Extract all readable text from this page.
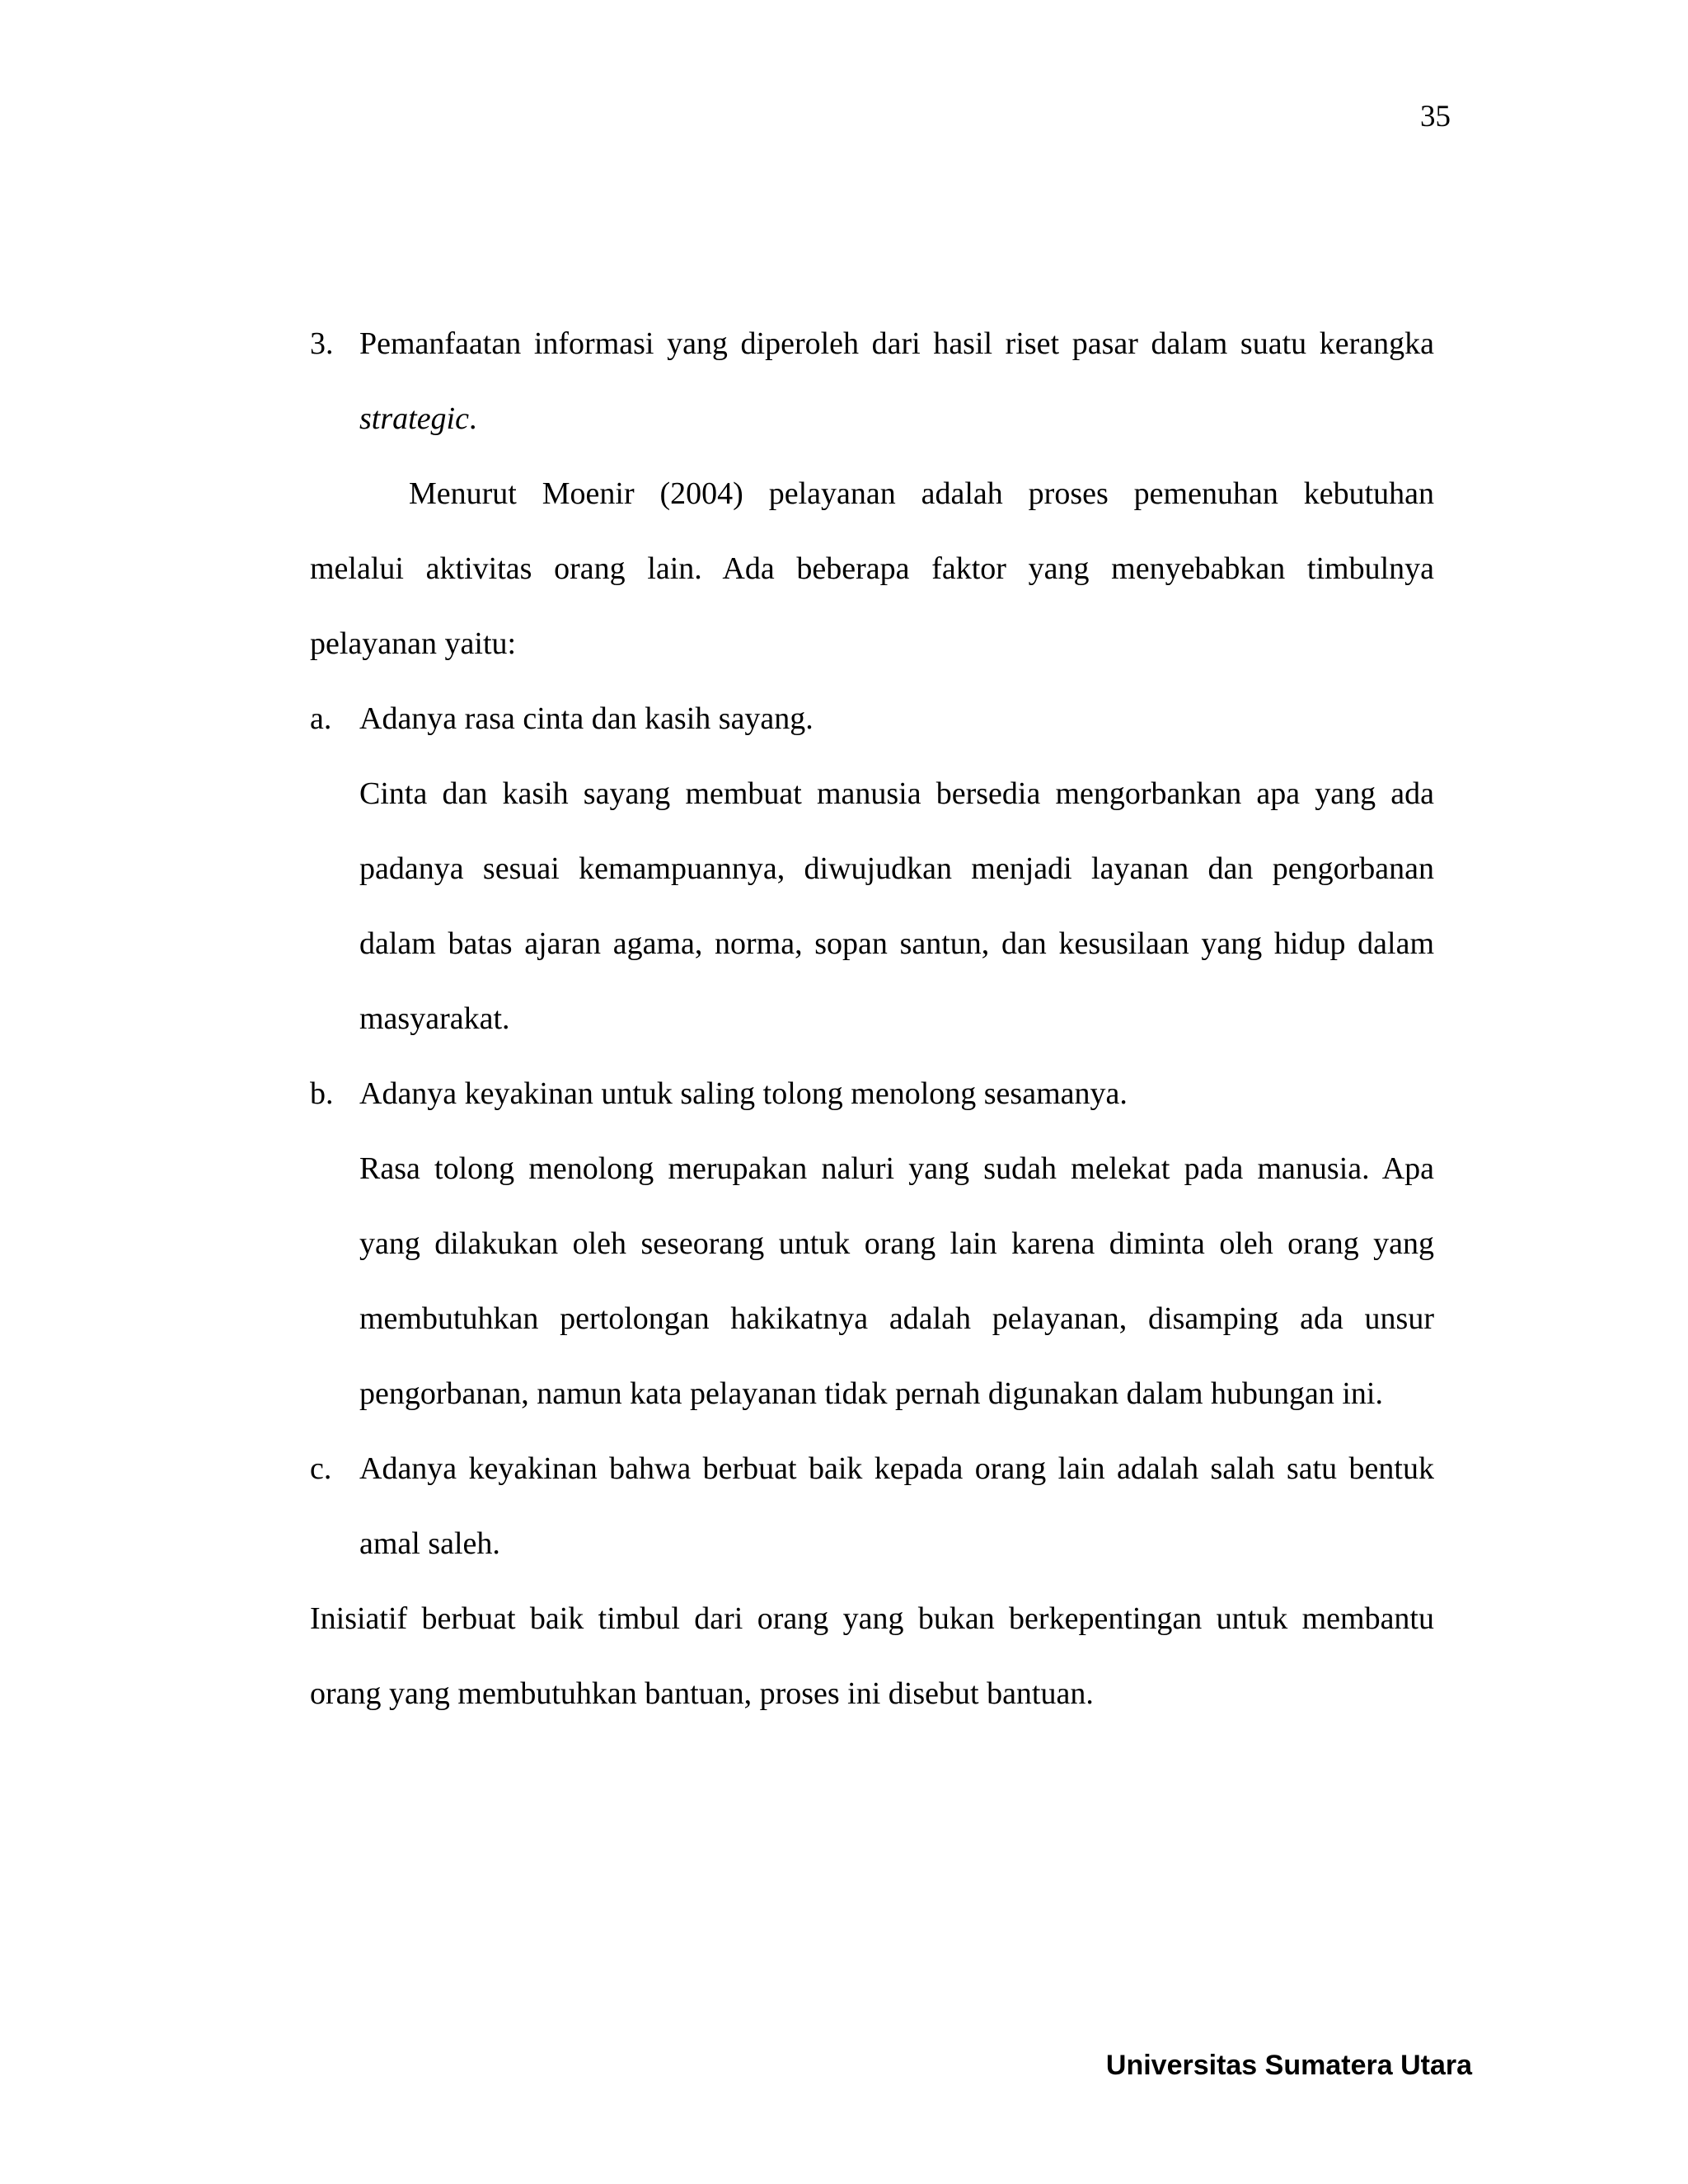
35
3. Pemanfaatan informasi yang diperoleh dari hasil riset pasar dalam suatu kerangka
strategic.
Menurut Moenir (2004) pelayanan adalah proses pemenuhan kebutuhan
melalui aktivitas orang lain. Ada beberapa faktor yang menyebabkan timbulnya
pelayanan yaitu:
a. Adanya rasa cinta dan kasih sayang.
Cinta dan kasih sayang membuat manusia bersedia mengorbankan apa yang ada
padanya sesuai kemampuannya, diwujudkan menjadi layanan dan pengorbanan
dalam batas ajaran agama, norma, sopan santun, dan kesusilaan yang hidup dalam
masyarakat.
b. Adanya keyakinan untuk saling tolong menolong sesamanya.
Rasa tolong menolong merupakan naluri yang sudah melekat pada manusia. Apa
yang dilakukan oleh seseorang untuk orang lain karena diminta oleh orang yang
membutuhkan pertolongan hakikatnya adalah pelayanan, disamping ada unsur
pengorbanan, namun kata pelayanan tidak pernah digunakan dalam hubungan ini.
c. Adanya keyakinan bahwa berbuat baik kepada orang lain adalah salah satu bentuk
amal saleh.
Inisiatif berbuat baik timbul dari orang yang bukan berkepentingan untuk membantu
orang yang membutuhkan bantuan, proses ini disebut bantuan.
Universitas Sumatera Utara
